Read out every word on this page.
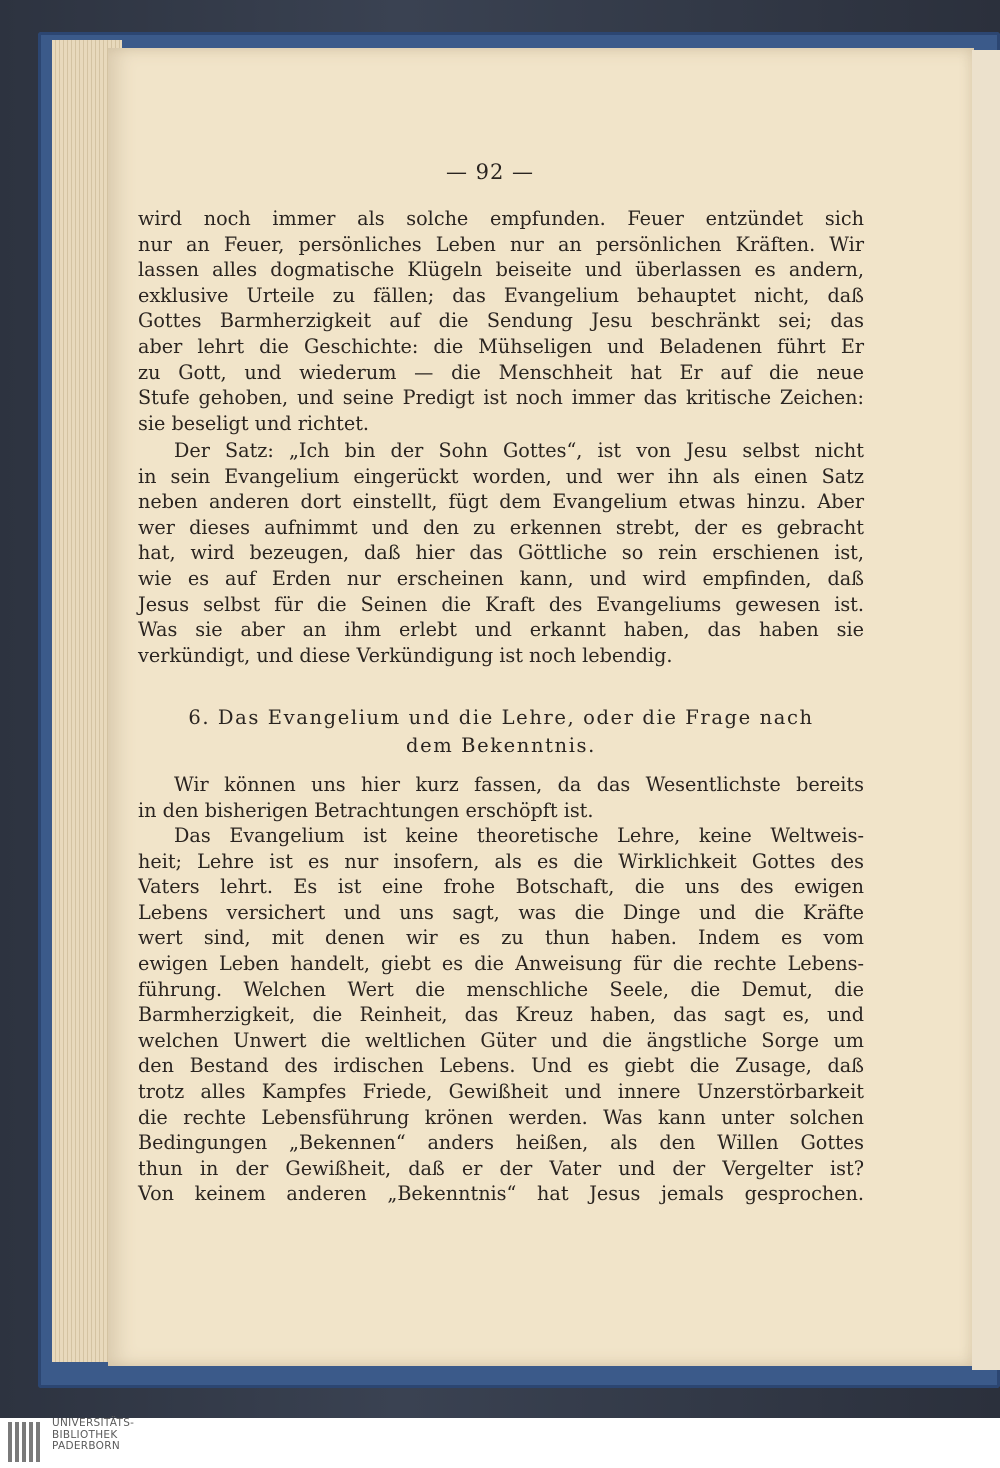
— 92 —
wird noch immer als solche empfunden. Feuer entzündet sich
nur an Feuer, persönliches Leben nur an persönlichen Kräften. Wir
lassen alles dogmatische Klügeln beiseite und überlassen es andern,
exklusive Urteile zu fällen; das Evangelium behauptet nicht, daß
Gottes Barmherzigkeit auf die Sendung Jesu beschränkt sei; das
aber lehrt die Geschichte: die Mühseligen und Beladenen führt Er
zu Gott, und wiederum — die Menschheit hat Er auf die neue
Stufe gehoben, und seine Predigt ist noch immer das kritische Zeichen:
sie beseligt und richtet.
Der Satz: „Ich bin der Sohn Gottes“, ist von Jesu selbst nicht
in sein Evangelium eingerückt worden, und wer ihn als einen Satz
neben anderen dort einstellt, fügt dem Evangelium etwas hinzu. Aber
wer dieses aufnimmt und den zu erkennen strebt, der es gebracht
hat, wird bezeugen, daß hier das Göttliche so rein erschienen ist,
wie es auf Erden nur erscheinen kann, und wird empfinden, daß
Jesus selbst für die Seinen die Kraft des Evangeliums gewesen ist.
Was sie aber an ihm erlebt und erkannt haben, das haben sie
verkündigt, und diese Verkündigung ist noch lebendig.
6. Das Evangelium und die Lehre, oder die Frage nach
dem Bekenntnis.
Wir können uns hier kurz fassen, da das Wesentlichste bereits
in den bisherigen Betrachtungen erschöpft ist.
Das Evangelium ist keine theoretische Lehre, keine Weltweis-
heit; Lehre ist es nur insofern, als es die Wirklichkeit Gottes des
Vaters lehrt. Es ist eine frohe Botschaft, die uns des ewigen
Lebens versichert und uns sagt, was die Dinge und die Kräfte
wert sind, mit denen wir es zu thun haben. Indem es vom
ewigen Leben handelt, giebt es die Anweisung für die rechte Lebens-
führung. Welchen Wert die menschliche Seele, die Demut, die
Barmherzigkeit, die Reinheit, das Kreuz haben, das sagt es, und
welchen Unwert die weltlichen Güter und die ängstliche Sorge um
den Bestand des irdischen Lebens. Und es giebt die Zusage, daß
trotz alles Kampfes Friede, Gewißheit und innere Unzerstörbarkeit
die rechte Lebensführung krönen werden. Was kann unter solchen
Bedingungen „Bekennen“ anders heißen, als den Willen Gottes
thun in der Gewißheit, daß er der Vater und der Vergelter ist?
Von keinem anderen „Bekenntnis“ hat Jesus jemals gesprochen.
UNIVERSITÄTS-
BIBLIOTHEK
PADERBORN
